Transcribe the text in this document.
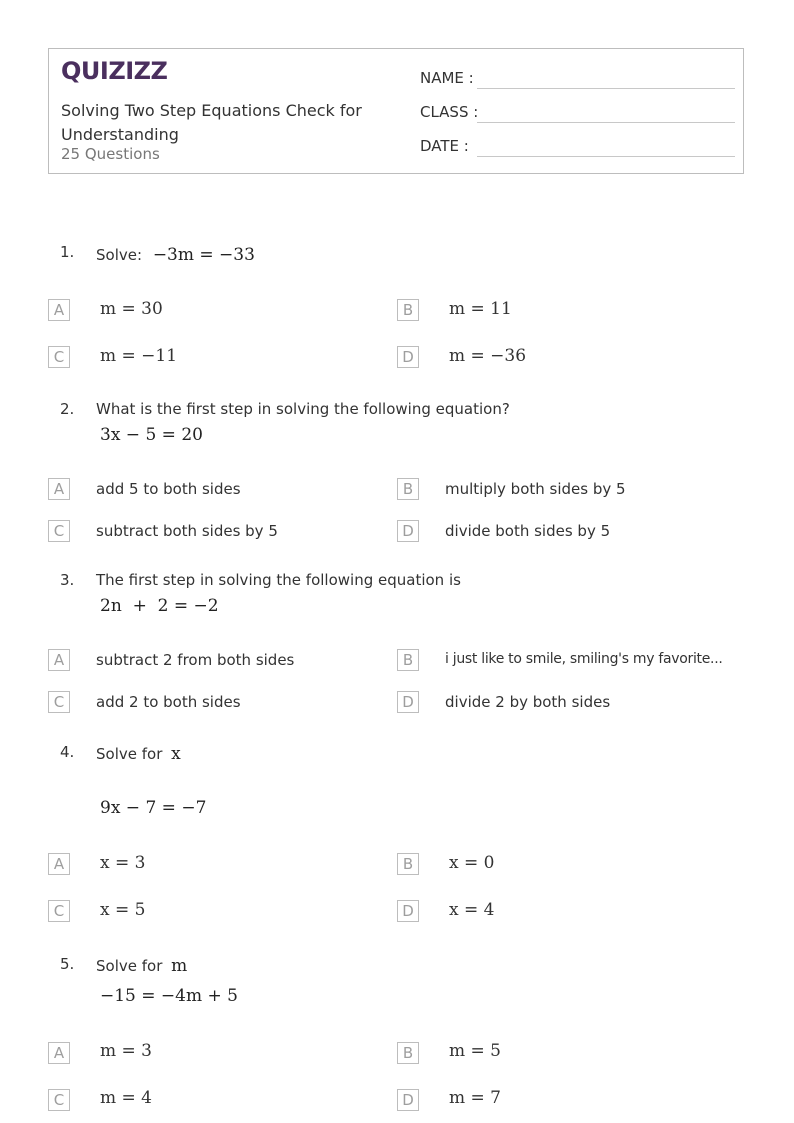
QUIZIZZ
Solving Two Step Equations Check for Understanding
25 Questions
NAME :
CLASS :
DATE :
1. Solve: −3m = −33
A	m = 30	B	m = 11
C	m = −11	D	m = −36
2. What is the first step in solving the following equation?
3x − 5 = 20
A	add 5 to both sides	B	multiply both sides by 5
C	subtract both sides by 5	D	divide both sides by 5
3. The first step in solving the following equation is
2n  +  2 = −2
A	subtract 2 from both sides	B	i just like to smile, smiling's my favorite...
C	add 2 to both sides	D	divide 2 by both sides
4. Solve for x
9x − 7 = −7
A	x = 3	B	x = 0
C	x = 5	D	x = 4
5. Solve for m
−15 = −4m + 5
A	m = 3	B	m = 5
C	m = 4	D	m = 7
